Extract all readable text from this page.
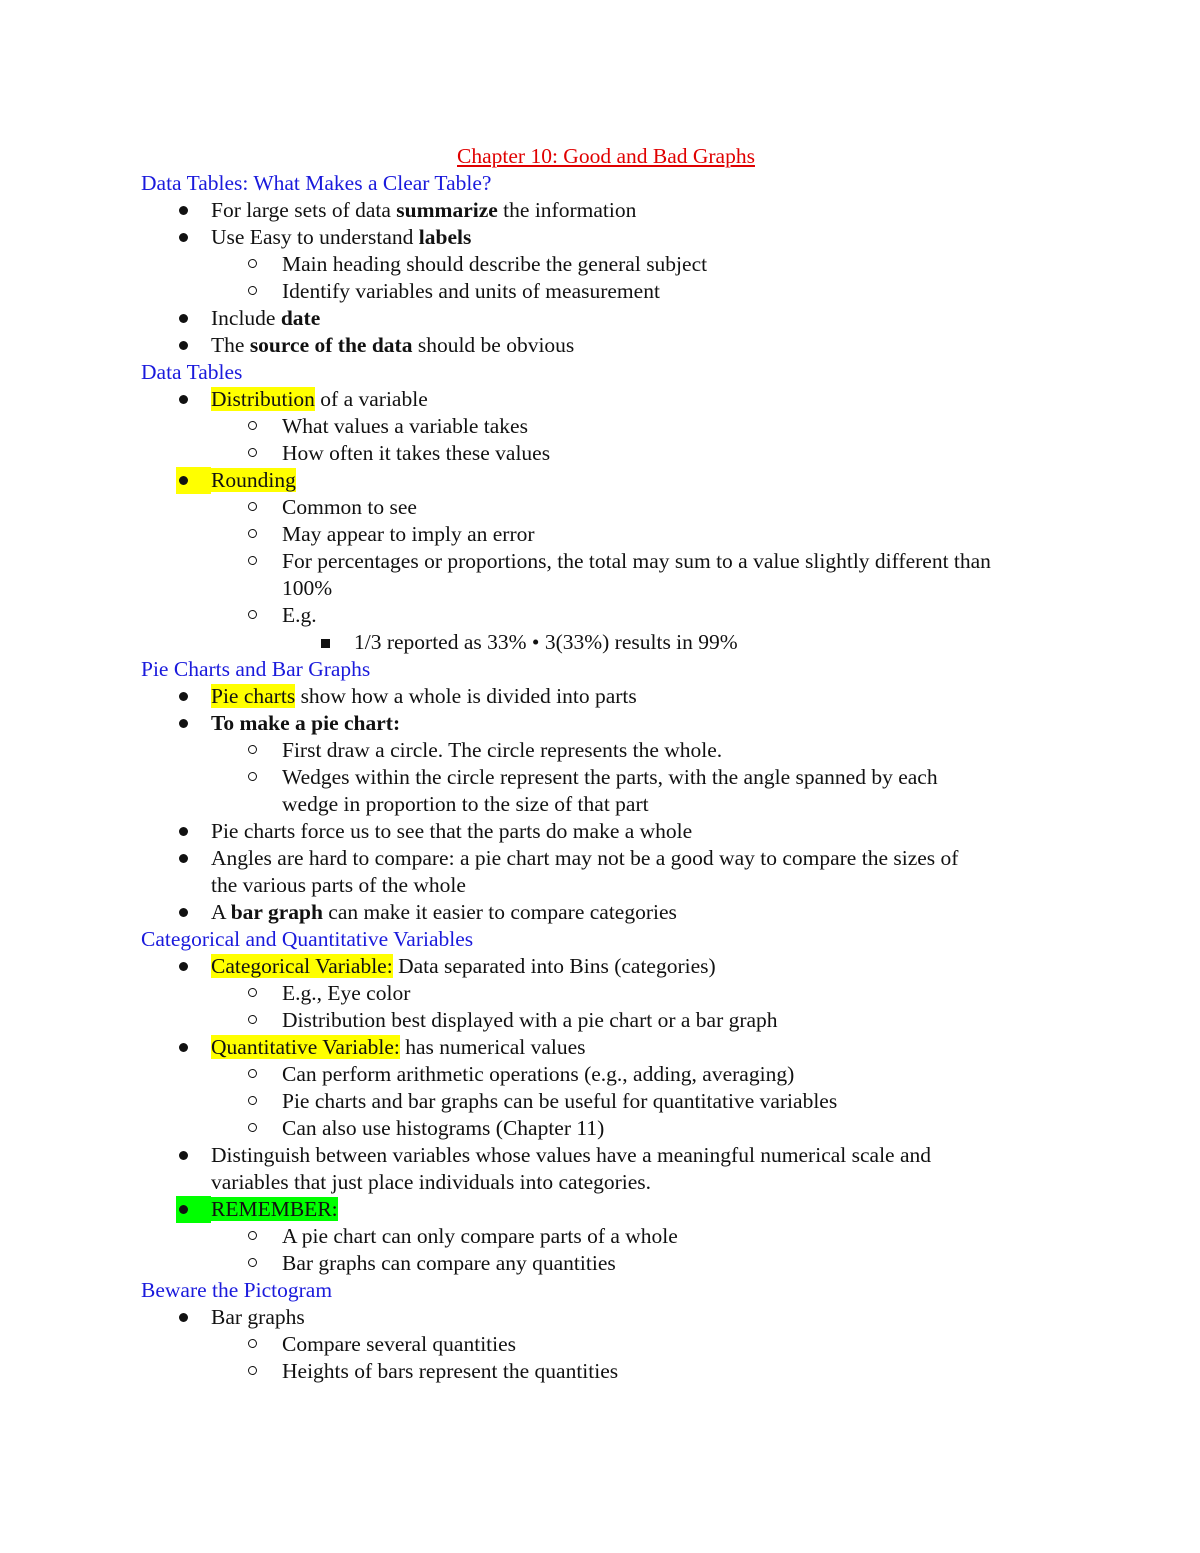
Chapter 10: Good and Bad Graphs
Data Tables: What Makes a Clear Table?
For large sets of data summarize the information
Use Easy to understand labels
Main heading should describe the general subject
Identify variables and units of measurement
Include date
The source of the data should be obvious
Data Tables
Distribution of a variable
What values a variable takes
How often it takes these values
Rounding
Common to see
May appear to imply an error
For percentages or proportions, the total may sum to a value slightly different than
100%
E.g.
1/3 reported as 33% • 3(33%) results in 99%
Pie Charts and Bar Graphs
Pie charts show how a whole is divided into parts
To make a pie chart:
First draw a circle. The circle represents the whole.
Wedges within the circle represent the parts, with the angle spanned by each
wedge in proportion to the size of that part
Pie charts force us to see that the parts do make a whole
Angles are hard to compare: a pie chart may not be a good way to compare the sizes of
the various parts of the whole
A bar graph can make it easier to compare categories
Categorical and Quantitative Variables
Categorical Variable: Data separated into Bins (categories)
E.g., Eye color
Distribution best displayed with a pie chart or a bar graph
Quantitative Variable: has numerical values
Can perform arithmetic operations (e.g., adding, averaging)
Pie charts and bar graphs can be useful for quantitative variables
Can also use histograms (Chapter 11)
Distinguish between variables whose values have a meaningful numerical scale and
variables that just place individuals into categories.
REMEMBER:
A pie chart can only compare parts of a whole
Bar graphs can compare any quantities
Beware the Pictogram
Bar graphs
Compare several quantities
Heights of bars represent the quantities
